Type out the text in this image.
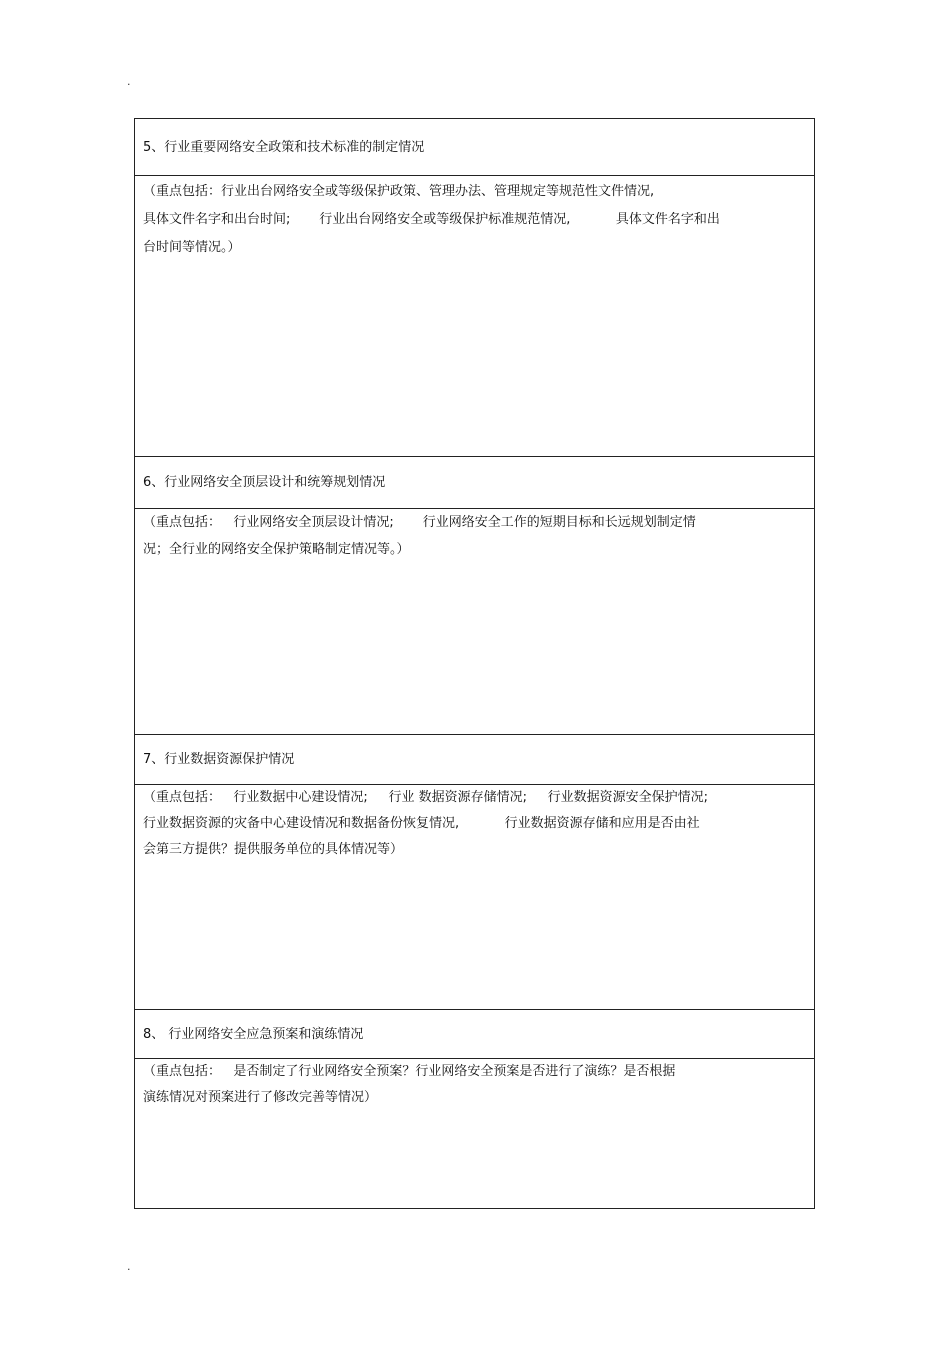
.
5、行业重要网络安全政策和技术标准的制定情况
（重点包括：行业出台网络安全或等级保护政策、管理办法、管理规定等规范性文件情况,
具体文件名字和出台时间;       行业出台网络安全或等级保护标准规范情况,           具体文件名字和出
台时间等情况。）
6、行业网络安全顶层设计和统筹规划情况
（重点包括：   行业网络安全顶层设计情况;       行业网络安全工作的短期目标和长远规划制定情
况；全行业的网络安全保护策略制定情况等。）
7、行业数据资源保护情况
（重点包括：   行业数据中心建设情况;     行业 数据资源存储情况;     行业数据资源安全保护情况;
行业数据资源的灾备中心建设情况和数据备份恢复情况,           行业数据资源存储和应用是否由社
会第三方提供？提供服务单位的具体情况等）
8、 行业网络安全应急预案和演练情况
（重点包括：   是否制定了行业网络安全预案？行业网络安全预案是否进行了演练？是否根据
演练情况对预案进行了修改完善等情况）
.
